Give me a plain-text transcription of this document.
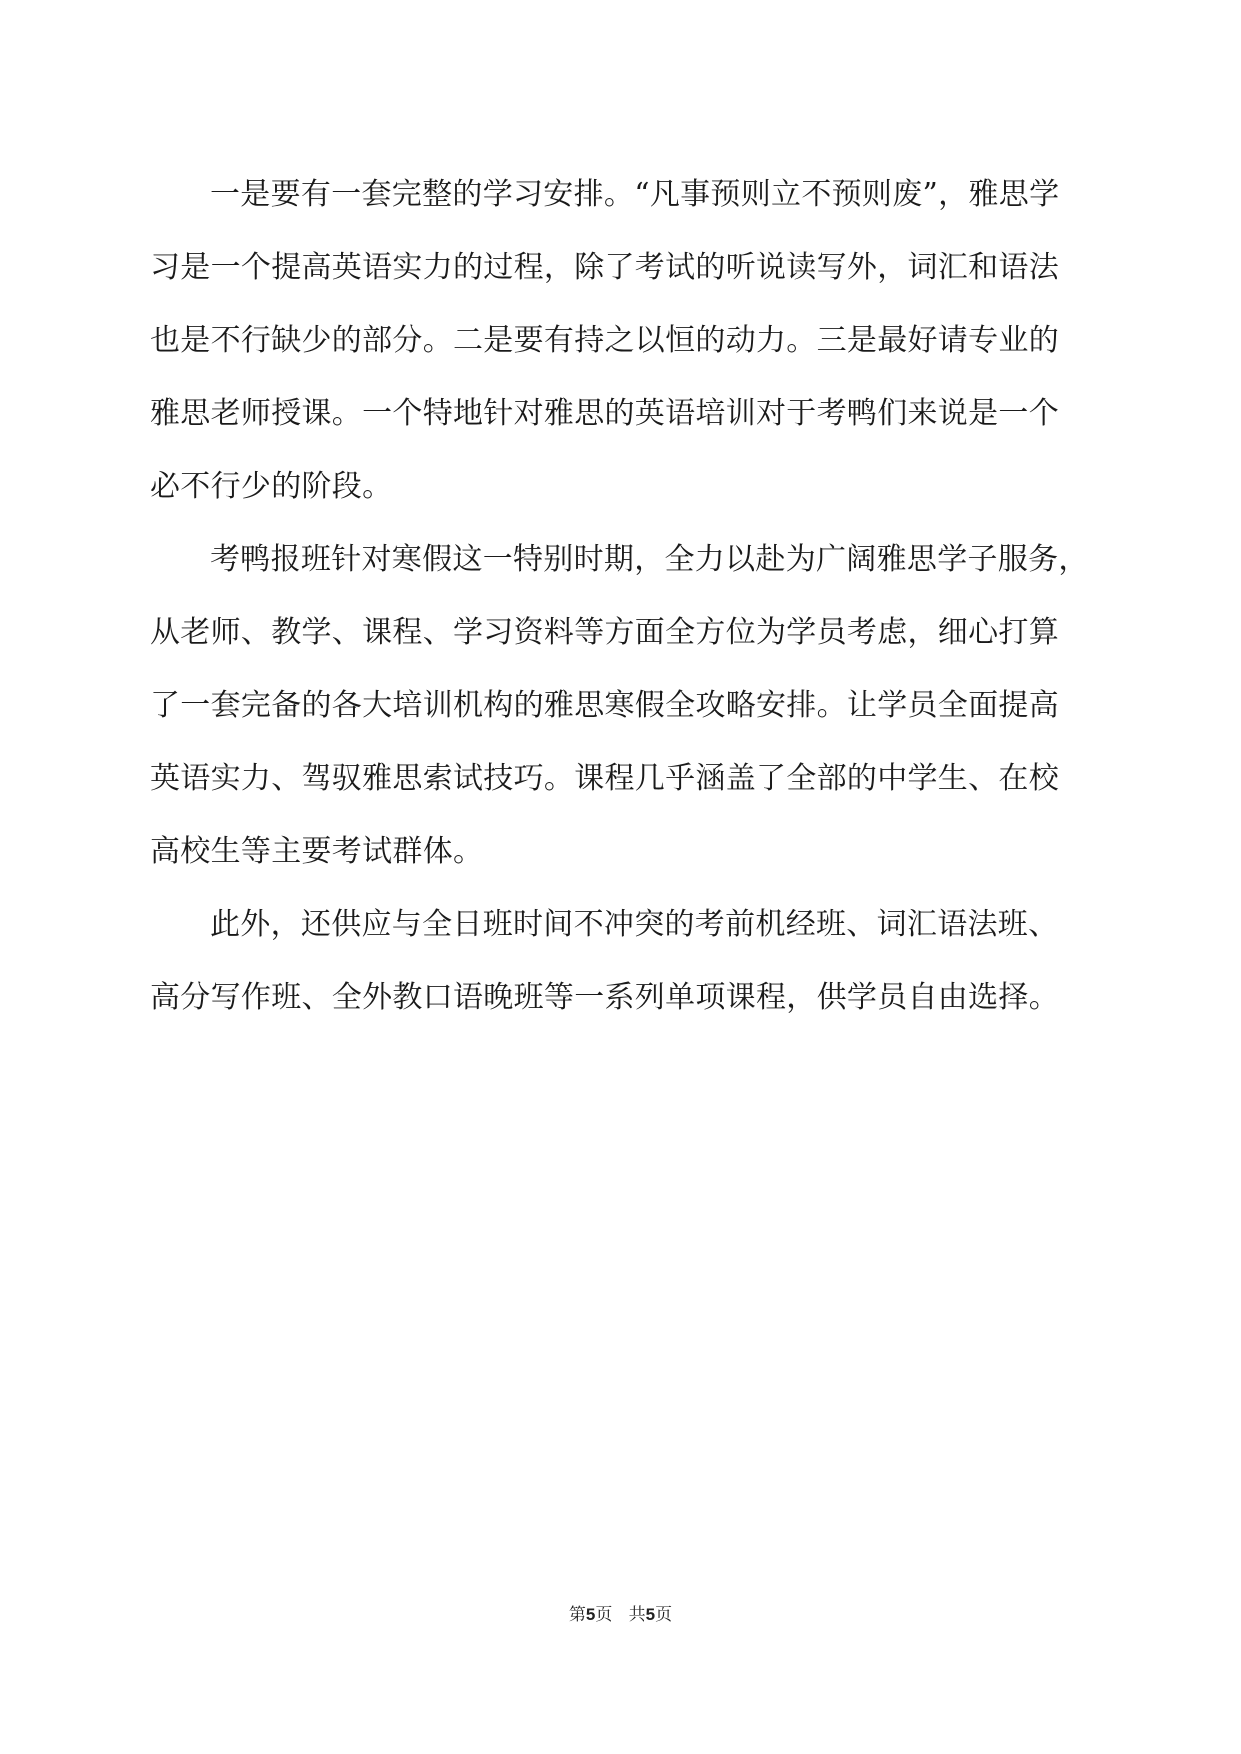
一是要有一套完整的学习安排。“凡事预则立不预则废”，雅思学
习是一个提高英语实力的过程，除了考试的听说读写外，词汇和语法
也是不行缺少的部分。二是要有持之以恒的动力。三是最好请专业的
雅思老师授课。一个特地针对雅思的英语培训对于考鸭们来说是一个
必不行少的阶段。
考鸭报班针对寒假这一特别时期，全力以赴为广阔雅思学子服务，
从老师、教学、课程、学习资料等方面全方位为学员考虑，细心打算
了一套完备的各大培训机构的雅思寒假全攻略安排。让学员全面提高
英语实力、驾驭雅思索试技巧。课程几乎涵盖了全部的中学生、在校
高校生等主要考试群体。
此外，还供应与全日班时间不冲突的考前机经班、词汇语法班、
高分写作班、全外教口语晚班等一系列单项课程，供学员自由选择。
第5页 共5页
